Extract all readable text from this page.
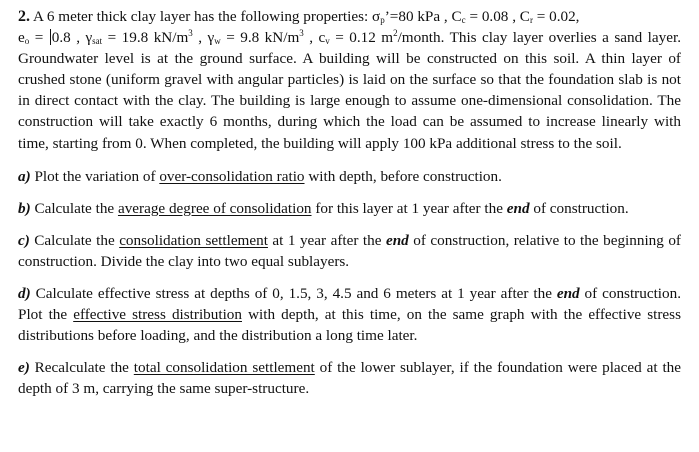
2. A 6 meter thick clay layer has the following properties: $\sigma_p’=80$ kPa , $C_c = 0.08$ , $C_r = 0.02$,
$e_o = 0.8$ , $\gamma_{sat} = 19.8$ $kN/m^3$ , $\gamma_w = 9.8$ $kN/m^3$ , $c_v = 0.12$ $m^2$/month. This clay layer overlies a sand layer. Groundwater level is at the ground surface. A building will be constructed on this soil. A thin layer of crushed stone (uniform gravel with angular particles) is laid on the surface so that the foundation slab is not in direct contact with the clay. The building is large enough to assume one-dimensional consolidation. The construction will take exactly 6 months, during which the load can be assumed to increase linearly with time, starting from 0. When completed, the building will apply 100 kPa additional stress to the soil.

a) Plot the variation of over-consolidation ratio with depth, before construction.

b) Calculate the average degree of consolidation for this layer at 1 year after the end of construction.

c) Calculate the consolidation settlement at 1 year after the end of construction, relative to the beginning of construction. Divide the clay into two equal sublayers.

d) Calculate effective stress at depths of 0, 1.5, 3, 4.5 and 6 meters at 1 year after the end of construction. Plot the effective stress distribution with depth, at this time, on the same graph with the effective stress distributions before loading, and the distribution a long time later.

e) Recalculate the total consolidation settlement of the lower sublayer, if the foundation were placed at the depth of 3 m, carrying the same super-structure.
